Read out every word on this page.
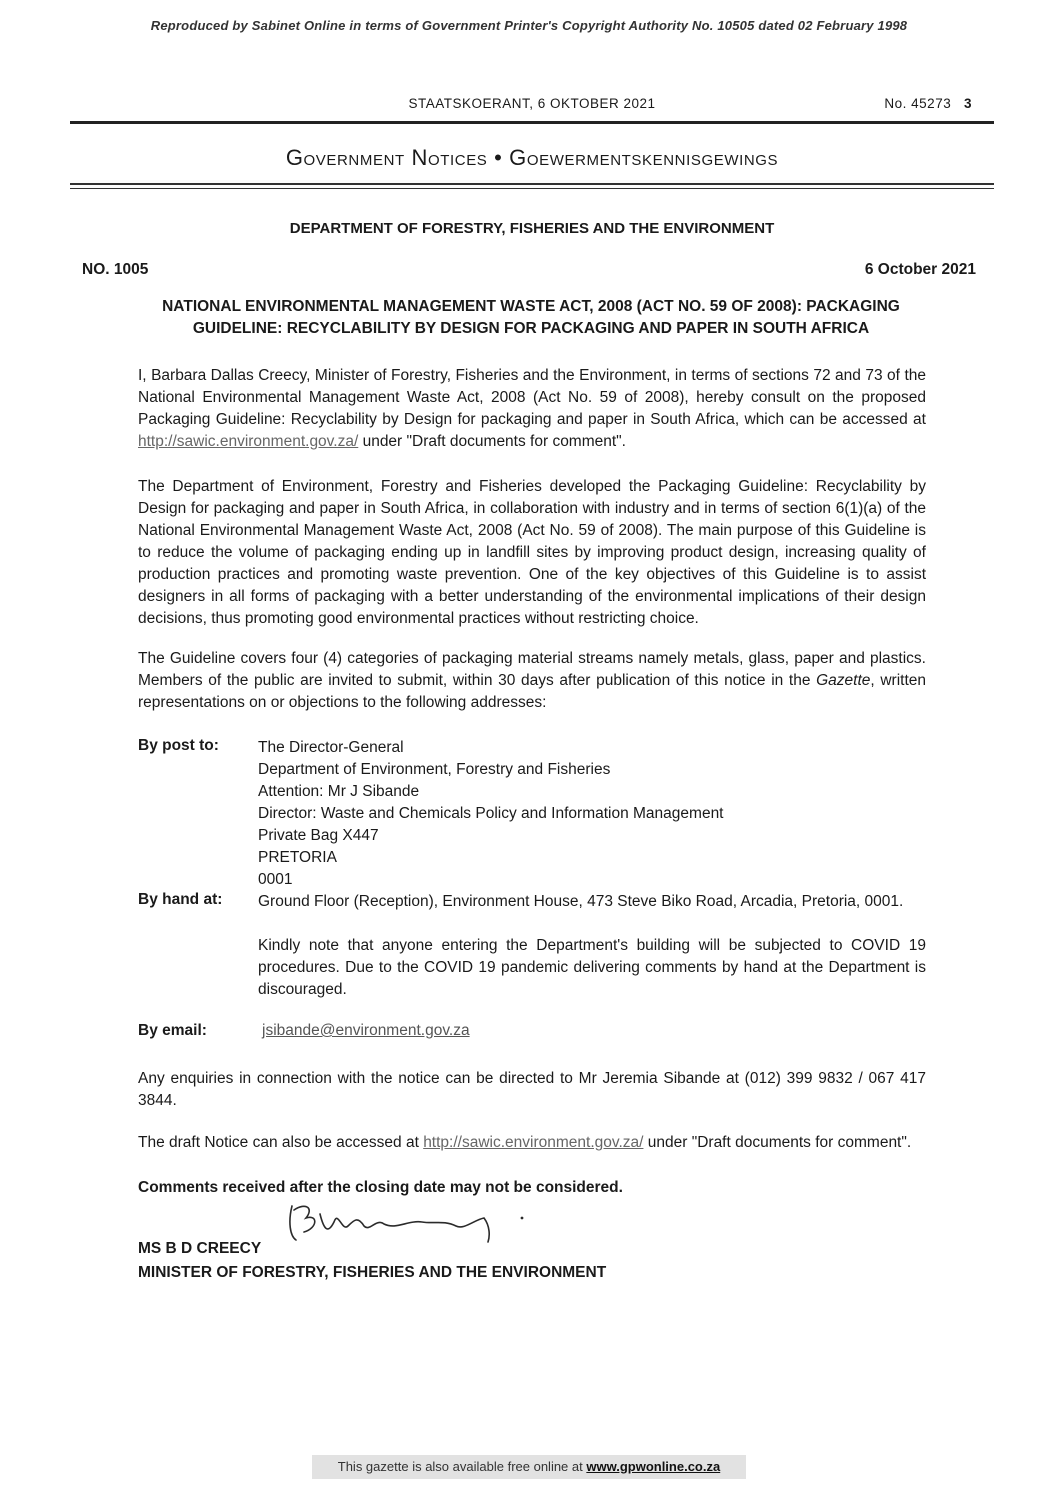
Reproduced by Sabinet Online in terms of Government Printer's Copyright Authority No. 10505 dated 02 February 1998
STAATSKOERANT, 6 OKTOBER 2021	No. 45273 3
Government Notices • Goewermentskennisgewings
DEPARTMENT OF FORESTRY, FISHERIES AND THE ENVIRONMENT
NO. 1005	6 October 2021
NATIONAL ENVIRONMENTAL MANAGEMENT WASTE ACT, 2008 (ACT NO. 59 OF 2008): PACKAGING
GUIDELINE: RECYCLABILITY BY DESIGN FOR PACKAGING AND PAPER IN SOUTH AFRICA
I, Barbara Dallas Creecy, Minister of Forestry, Fisheries and the Environment, in terms of sections 72 and 73 of the National Environmental Management Waste Act, 2008 (Act No. 59 of 2008), hereby consult on the proposed Packaging Guideline: Recyclability by Design for packaging and paper in South Africa, which can be accessed at http://sawic.environment.gov.za/ under "Draft documents for comment".
The Department of Environment, Forestry and Fisheries developed the Packaging Guideline: Recyclability by Design for packaging and paper in South Africa, in collaboration with industry and in terms of section 6(1)(a) of the National Environmental Management Waste Act, 2008 (Act No. 59 of 2008). The main purpose of this Guideline is to reduce the volume of packaging ending up in landfill sites by improving product design, increasing quality of production practices and promoting waste prevention. One of the key objectives of this Guideline is to assist designers in all forms of packaging with a better understanding of the environmental implications of their design decisions, thus promoting good environmental practices without restricting choice.
The Guideline covers four (4) categories of packaging material streams namely metals, glass, paper and plastics. Members of the public are invited to submit, within 30 days after publication of this notice in the Gazette, written representations on or objections to the following addresses:
By post to:	The Director-General
Department of Environment, Forestry and Fisheries
Attention: Mr J Sibande
Director: Waste and Chemicals Policy and Information Management
Private Bag X447
PRETORIA
0001
By hand at: Ground Floor (Reception), Environment House, 473 Steve Biko Road, Arcadia, Pretoria, 0001.
Kindly note that anyone entering the Department's building will be subjected to COVID 19 procedures. Due to the COVID 19 pandemic delivering comments by hand at the Department is discouraged.
By email:	jsibande@environment.gov.za
Any enquiries in connection with the notice can be directed to Mr Jeremia Sibande at (012) 399 9832 / 067 417 3844.
The draft Notice can also be accessed at http://sawic.environment.gov.za/ under "Draft documents for comment".
Comments received after the closing date may not be considered.
MS B D CREECY
MINISTER OF FORESTRY, FISHERIES AND THE ENVIRONMENT
This gazette is also available free online at www.gpwonline.co.za
